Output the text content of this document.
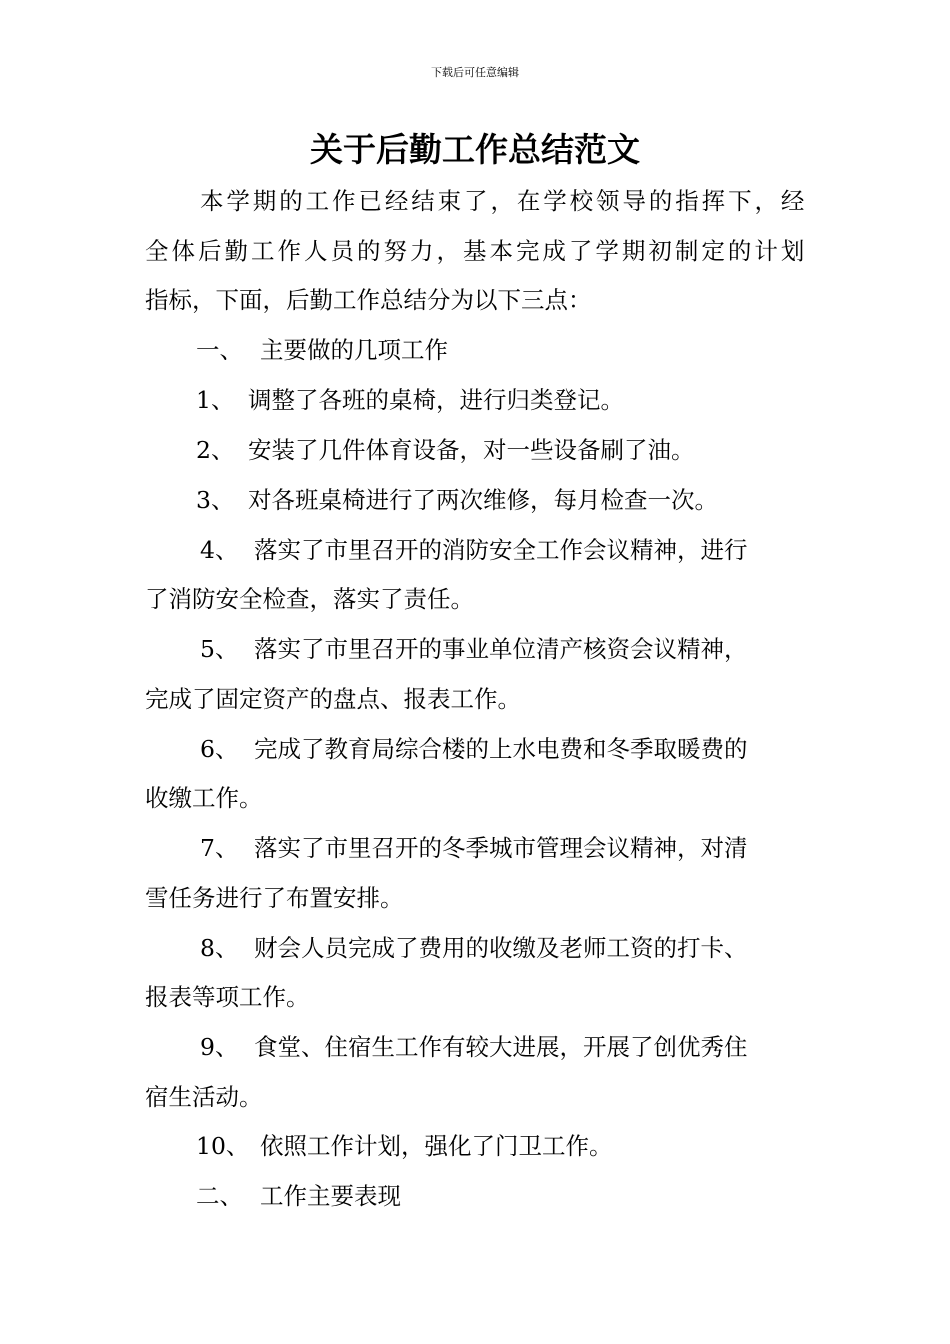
下载后可任意编辑
关于后勤工作总结范文
本学期的工作已经结束了，在学校领导的指挥下，经
全体后勤工作人员的努力，基本完成了学期初制定的计划
指标，下面，后勤工作总结分为以下三点：
一、 主要做的几项工作
1、 调整了各班的桌椅，进行归类登记。
2、 安装了几件体育设备，对一些设备刷了油。
3、 对各班桌椅进行了两次维修，每月检查一次。
4、 落实了市里召开的消防安全工作会议精神，进行
了消防安全检查，落实了责任。
5、 落实了市里召开的事业单位清产核资会议精神，
完成了固定资产的盘点、报表工作。
6、 完成了教育局综合楼的上水电费和冬季取暖费的
收缴工作。
7、 落实了市里召开的冬季城市管理会议精神，对清
雪任务进行了布置安排。
8、 财会人员完成了费用的收缴及老师工资的打卡、
报表等项工作。
9、 食堂、住宿生工作有较大进展，开展了创优秀住
宿生活动。
10、 依照工作计划，强化了门卫工作。
二、 工作主要表现
